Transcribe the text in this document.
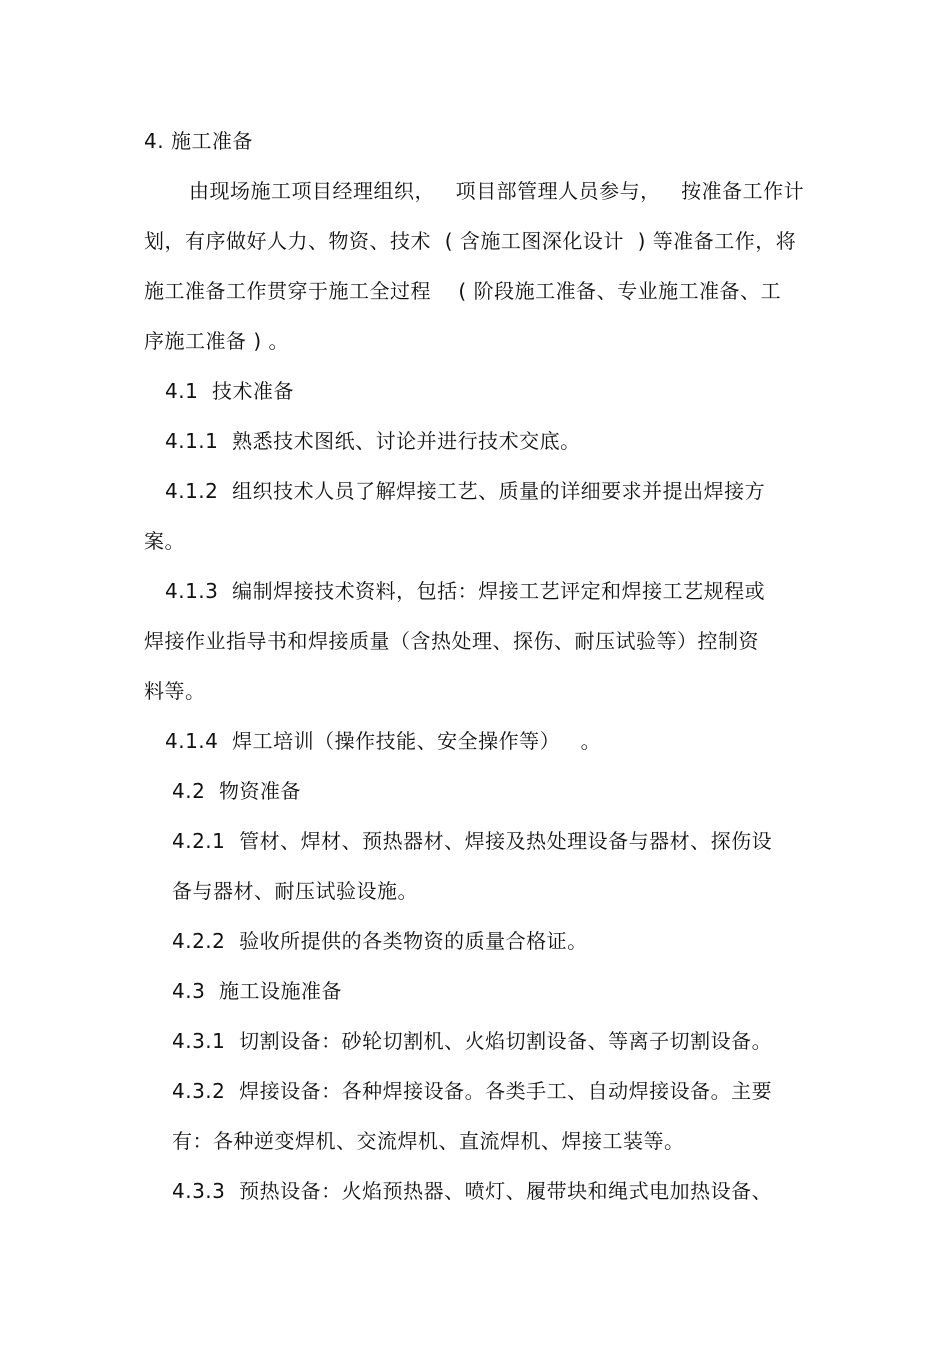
4. 施工准备
由现场施工项目经理组织，   项目部管理人员参与，   按准备工作计
划，有序做好人力、物资、技术  ( 含施工图深化设计  ) 等准备工作，将
施工准备工作贯穿于施工全过程    ( 阶段施工准备、专业施工准备、工
序施工准备 ) 。
4.1  技术准备
4.1.1  熟悉技术图纸、讨论并进行技术交底。
4.1.2  组织技术人员了解焊接工艺、质量的详细要求并提出焊接方
案。
4.1.3  编制焊接技术资料，包括：焊接工艺评定和焊接工艺规程或
焊接作业指导书和焊接质量（含热处理、探伤、耐压试验等）控制资
料等。
4.1.4  焊工培训（操作技能、安全操作等）   。
4.2  物资准备
4.2.1  管材、焊材、预热器材、焊接及热处理设备与器材、探伤设
备与器材、耐压试验设施。
4.2.2  验收所提供的各类物资的质量合格证。
4.3  施工设施准备
4.3.1  切割设备：砂轮切割机、火焰切割设备、等离子切割设备。
4.3.2  焊接设备：各种焊接设备。各类手工、自动焊接设备。主要
有：各种逆变焊机、交流焊机、直流焊机、焊接工装等。
4.3.3  预热设备：火焰预热器、喷灯、履带块和绳式电加热设备、
